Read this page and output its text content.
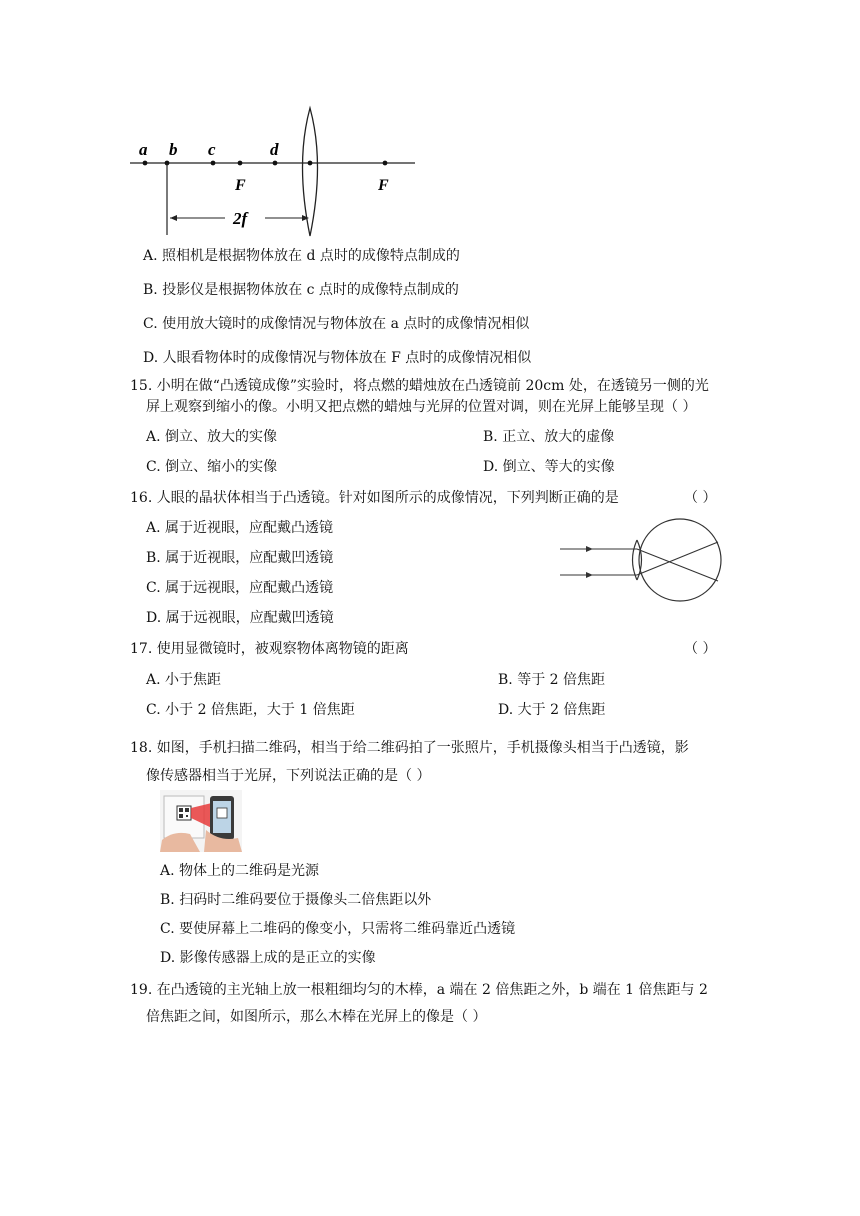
a b c	d
F	F
2f
A. 照相机是根据物体放在 d 点时的成像特点制成的
B. 投影仪是根据物体放在 c 点时的成像特点制成的
C. 使用放大镜时的成像情况与物体放在 a 点时的成像情况相似
D. 人眼看物体时的成像情况与物体放在 F 点时的成像情况相似
15. 小明在做“凸透镜成像”实验时，将点燃的蜡烛放在凸透镜前 20cm 处，在透镜另一侧的光
屏上观察到缩小的像。小明又把点燃的蜡烛与光屏的位置对调，则在光屏上能够呈现（ ）
A. 倒立、放大的实像	B. 正立、放大的虚像
C. 倒立、缩小的实像	D. 倒立、等大的实像
16. 人眼的晶状体相当于凸透镜。针对如图所示的成像情况，下列判断正确的是	（ ）
A. 属于近视眼，应配戴凸透镜
B. 属于近视眼，应配戴凹透镜
C. 属于远视眼，应配戴凸透镜
D. 属于远视眼，应配戴凹透镜
17. 使用显微镜时，被观察物体离物镜的距离	（ ）
A. 小于焦距	B. 等于 2 倍焦距
C. 小于 2 倍焦距，大于 1 倍焦距	D. 大于 2 倍焦距
18. 如图，手机扫描二维码，相当于给二维码拍了一张照片，手机摄像头相当于凸透镜，影
像传感器相当于光屏，下列说法正确的是（ ）
A. 物体上的二维码是光源
B. 扫码时二维码要位于摄像头二倍焦距以外
C. 要使屏幕上二堆码的像变小，只需将二维码靠近凸透镜
D. 影像传感器上成的是正立的实像
19. 在凸透镜的主光轴上放一根粗细均匀的木棒，a 端在 2 倍焦距之外，b 端在 1 倍焦距与 2
倍焦距之间，如图所示，那么木棒在光屏上的像是（ ）
